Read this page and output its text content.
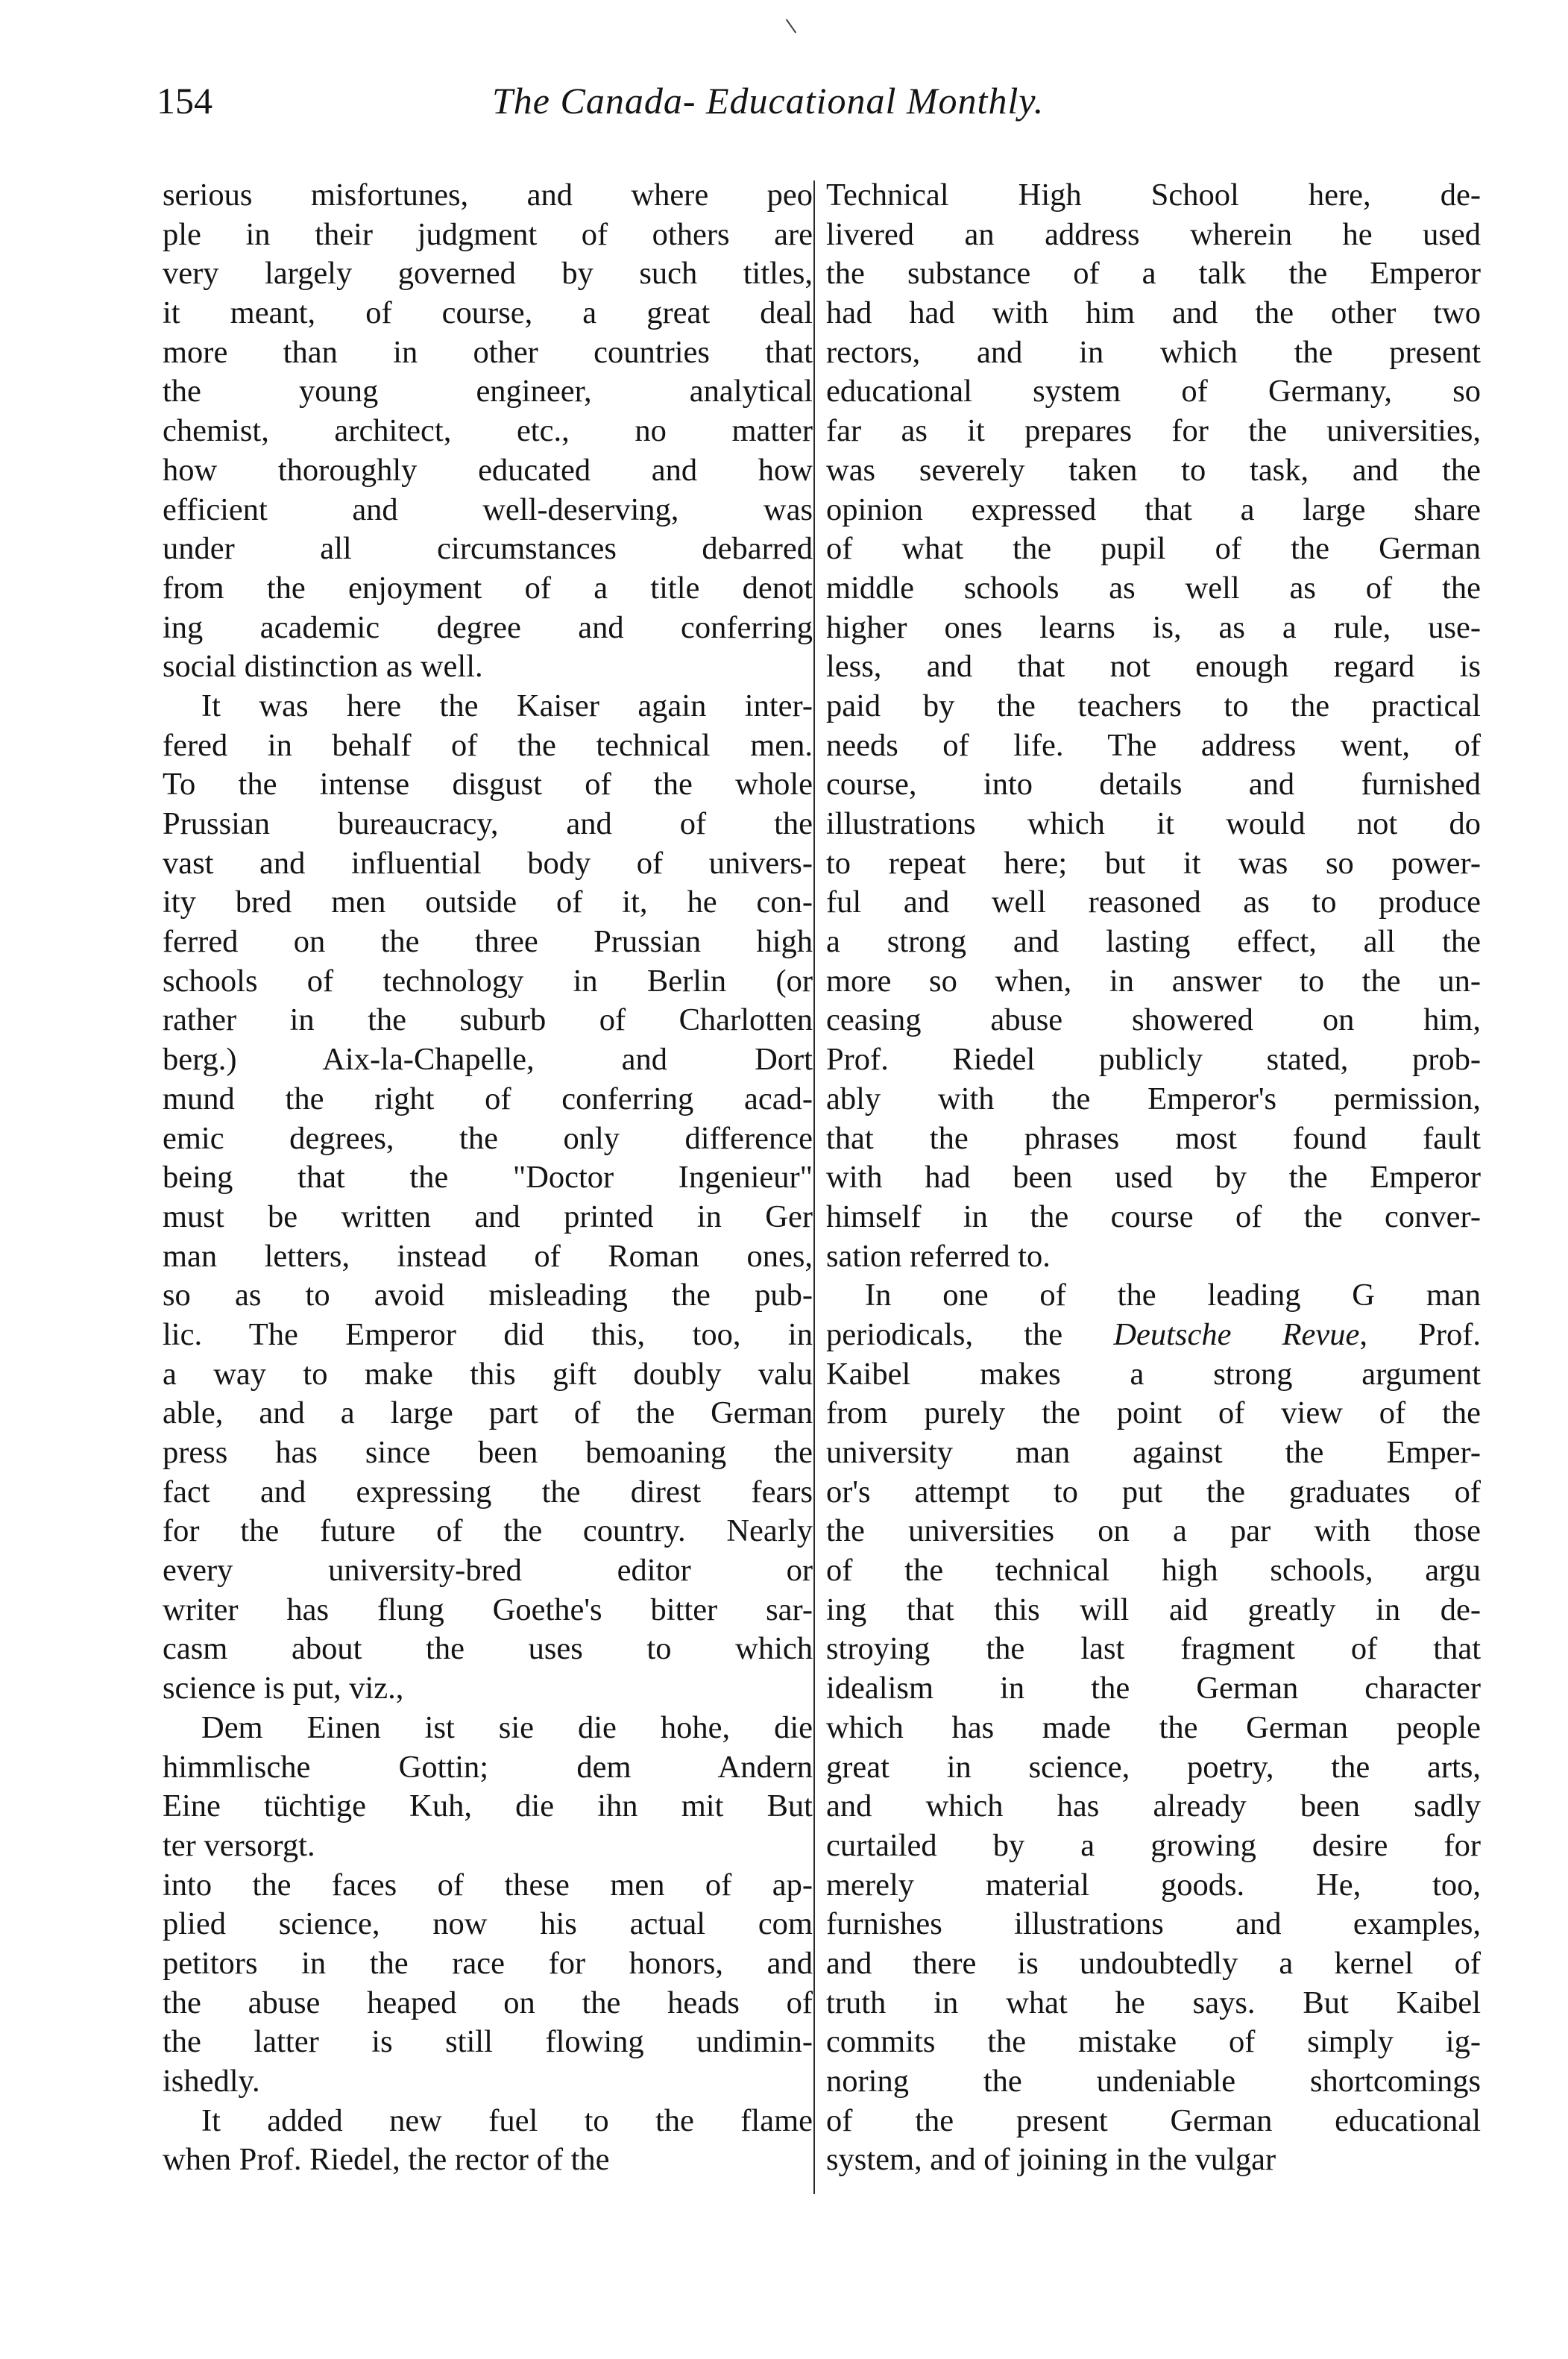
154	The Canada- Educational Monthly.
serious misfortunes, and where peo
ple in their judgment of others are
very largely governed by such titles,
it meant, of course, a great deal
more than in other countries that
the young engineer, analytical
chemist, architect, etc., no matter
how thoroughly educated and how
efficient and well-deserving, was
under all circumstances debarred
from the enjoyment of a title denot
ing academic degree and conferring
social distinction as well.
It was here the Kaiser again inter-
fered in behalf of the technical men.
To the intense disgust of the whole
Prussian bureaucracy, and of the
vast and influential body of univers-
ity bred men outside of it, he con-
ferred on the three Prussian high
schools of technology in Berlin (or
rather in the suburb of Charlotten
berg.) Aix-la-Chapelle, and Dort
mund the right of conferring acad-
emic degrees, the only difference
being that the "Doctor Ingenieur"
must be written and printed in Ger
man letters, instead of Roman ones,
so as to avoid misleading the pub-
lic. The Emperor did this, too, in
a way to make this gift doubly valu
able, and a large part of the German
press has since been bemoaning the
fact and expressing the direst fears
for the future of the country. Nearly
every university-bred editor or
writer has flung Goethe's bitter sar-
casm about the uses to which
science is put, viz.,
Dem Einen ist sie die hohe, die
himmlische Gottin; dem Andern
Eine tüchtige Kuh, die ihn mit But
ter versorgt.
into the faces of these men of ap-
plied science, now his actual com
petitors in the race for honors, and
the abuse heaped on the heads of
the latter is still flowing undimin-
ishedly.
It added new fuel to the flame
when Prof. Riedel, the rector of the
Technical High School here, de-
livered an address wherein he used
the substance of a talk the Emperor
had had with him and the other two
rectors, and in which the present
educational system of Germany, so
far as it prepares for the universities,
was severely taken to task, and the
opinion expressed that a large share
of what the pupil of the German
middle schools as well as of the
higher ones learns is, as a rule, use-
less, and that not enough regard is
paid by the teachers to the practical
needs of life. The address went, of
course, into details and furnished
illustrations which it would not do
to repeat here; but it was so power-
ful and well reasoned as to produce
a strong and lasting effect, all the
more so when, in answer to the un-
ceasing abuse showered on him,
Prof. Riedel publicly stated, prob-
ably with the Emperor's permission,
that the phrases most found fault
with had been used by the Emperor
himself in the course of the conver-
sation referred to.
In one of the leading G man
periodicals, the Deutsche Revue, Prof.
Kaibel makes a strong argument
from purely the point of view of the
university man against the Emper-
or's attempt to put the graduates of
the universities on a par with those
of the technical high schools, argu
ing that this will aid greatly in de-
stroying the last fragment of that
idealism in the German character
which has made the German people
great in science, poetry, the arts,
and which has already been sadly
curtailed by a growing desire for
merely material goods. He, too,
furnishes illustrations and examples,
and there is undoubtedly a kernel of
truth in what he says. But Kaibel
commits the mistake of simply ig-
noring the undeniable shortcomings
of the present German educational
system, and of joining in the vulgar
